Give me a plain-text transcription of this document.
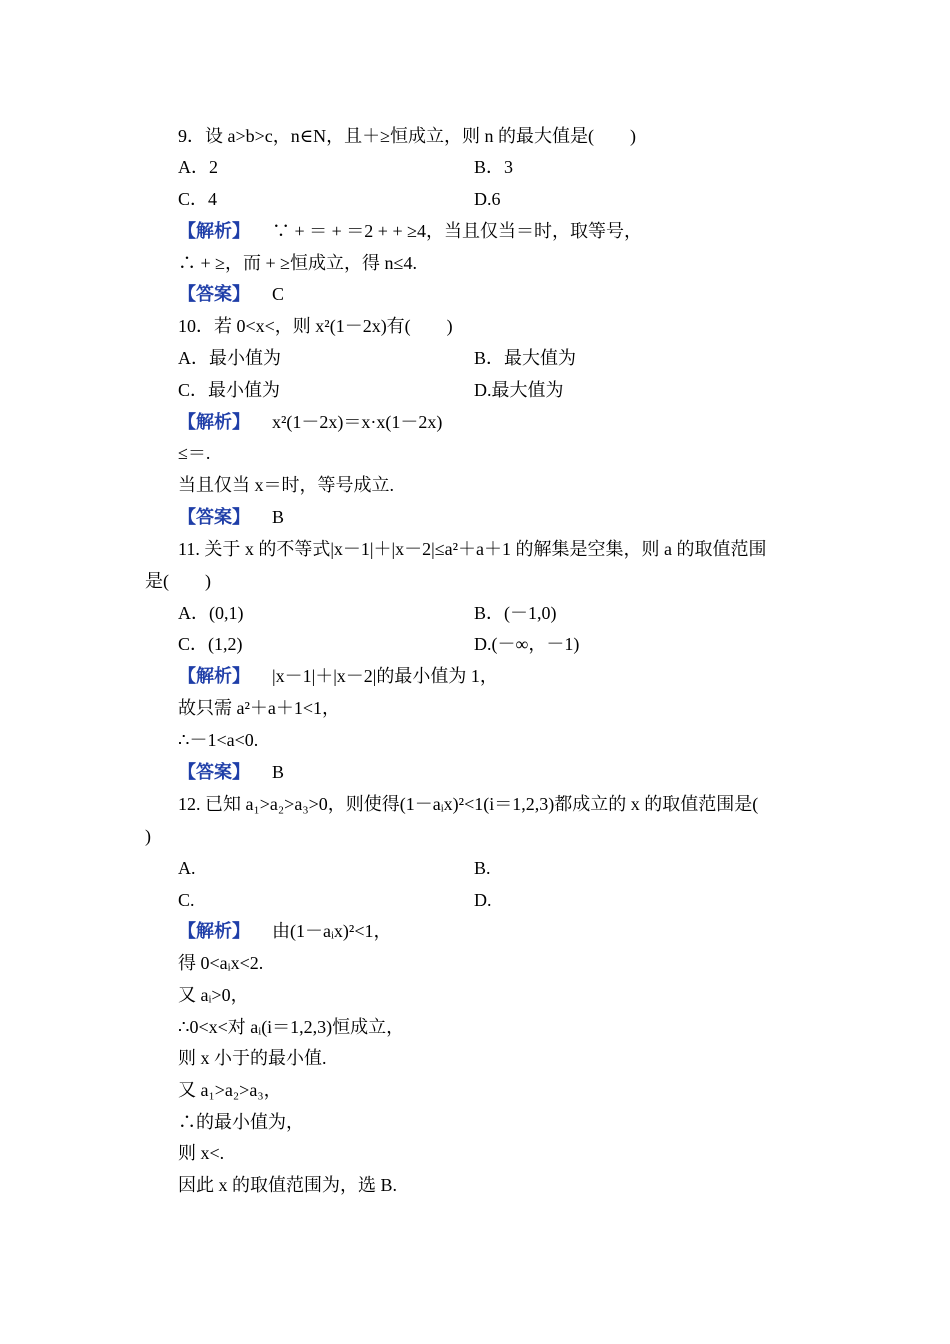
9．设 a>b>c，n∈N，且＋≥恒成立，则 n 的最大值是(　　)
A．2	B．3
C．4	D.6
【解析】 ∵ + ＝ + ＝2 + + ≥4，当且仅当＝时，取等号，
∴ + ≥，而 + ≥恒成立，得 n≤4.
【答案】 C
10．若 0<x<，则 x²(1－2x)有(　　)
A．最小值为	B．最大值为
C．最小值为	D.最大值为
【解析】 x²(1－2x)＝x·x(1－2x)
≤＝.
当且仅当 x＝时，等号成立.
【答案】 B
11. 关于 x 的不等式|x－1|＋|x－2|≤a²＋a＋1 的解集是空集，则 a 的取值范围
是(　　)
A．(0,1)	B．(－1,0)
C．(1,2)	D.(－∞，－1)
【解析】 |x－1|＋|x－2|的最小值为 1，
故只需 a²＋a＋1<1，
∴－1<a<0.
【答案】 B
12. 已知 a₁>a₂>a₃>0，则使得(1－aᵢx)²<1(i＝1,2,3)都成立的 x 的取值范围是(
)
A.	B.
C.	D.
【解析】 由(1－aᵢx)²<1，
得 0<aᵢx<2.
又 aᵢ>0，
∴0<x<对 aᵢ(i＝1,2,3)恒成立，
则 x 小于的最小值.
又 a₁>a₂>a₃，
∴的最小值为，
则 x<.
因此 x 的取值范围为，选 B.
